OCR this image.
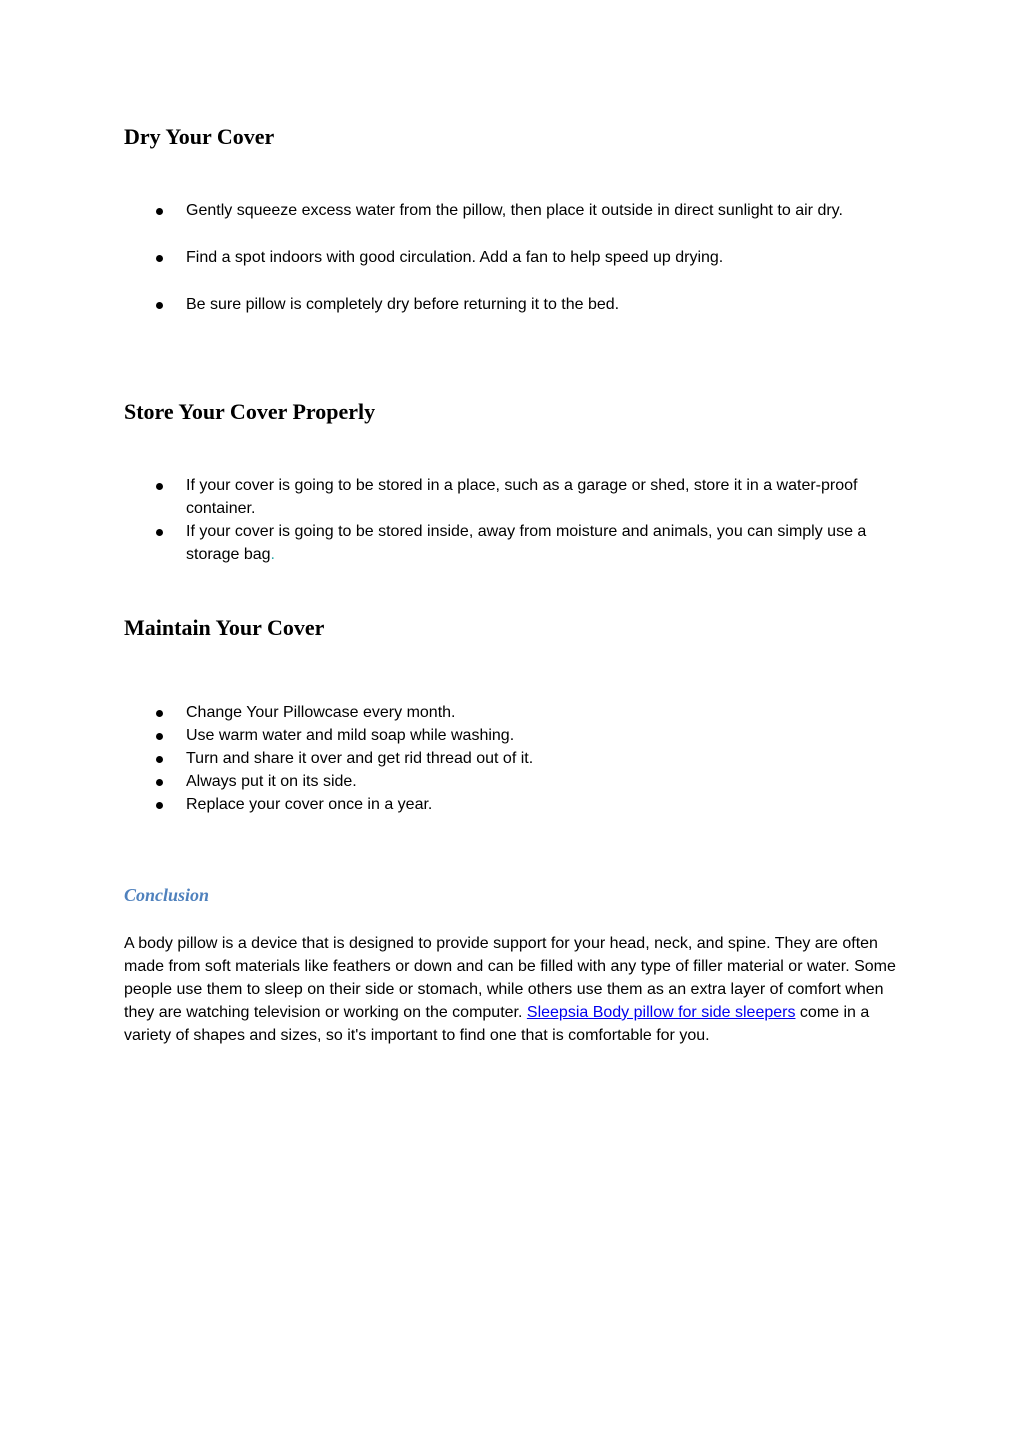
Dry Your Cover
Gently squeeze excess water from the pillow, then place it outside in direct sunlight to air dry.
Find a spot indoors with good circulation. Add a fan to help speed up drying.
Be sure pillow is completely dry before returning it to the bed.
Store Your Cover Properly
If your cover is going to be stored in a place, such as a garage or shed, store it in a water-proof container.
If your cover is going to be stored inside, away from moisture and animals, you can simply use a storage bag.
Maintain Your Cover
Change Your Pillowcase every month.
Use warm water and mild soap while washing.
Turn and share it over and get rid thread out of it.
Always put it on its side.
Replace your cover once in a year.
Conclusion

A body pillow is a device that is designed to provide support for your head, neck, and spine. They are often made from soft materials like feathers or down and can be filled with any type of filler material or water. Some people use them to sleep on their side or stomach, while others use them as an extra layer of comfort when they are watching television or working on the computer. Sleepsia Body pillow for side sleepers come in a variety of shapes and sizes, so it's important to find one that is comfortable for you.
